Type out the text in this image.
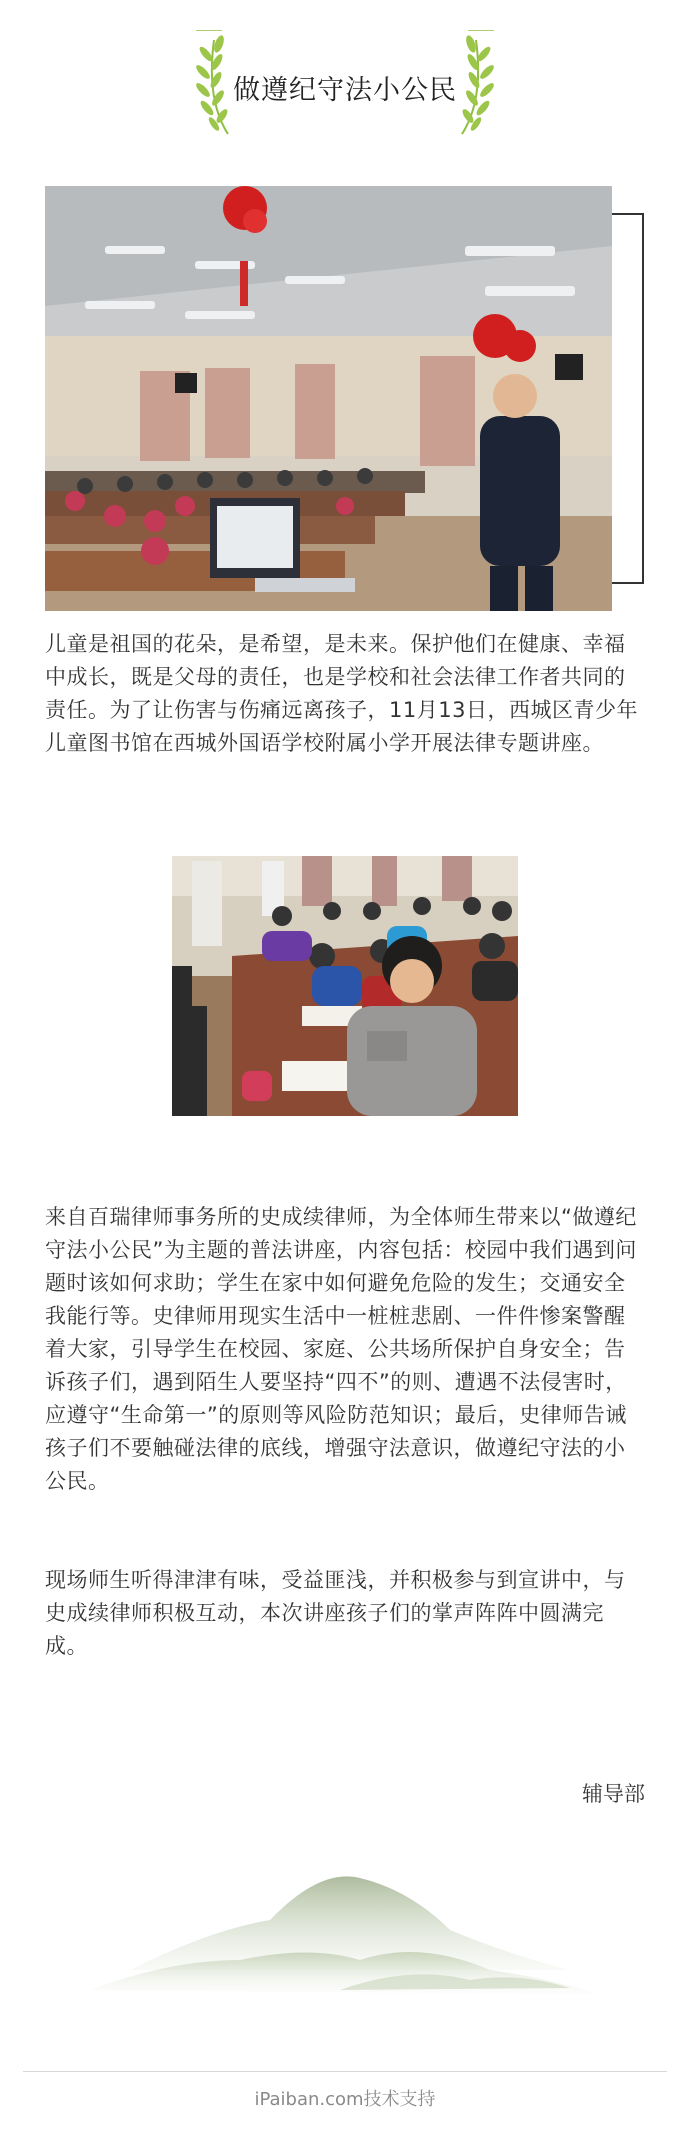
做遵纪守法小公民

儿童是祖国的花朵，是希望，是未来。保护他们在健康、幸福中成长，既是父母的责任，也是学校和社会法律工作者共同的责任。为了让伤害与伤痛远离孩子，11月13日，西城区青少年儿童图书馆在西城外国语学校附属小学开展法律专题讲座。

来自百瑞律师事务所的史成续律师，为全体师生带来以“做遵纪守法小公民”为主题的普法讲座，内容包括：校园中我们遇到问题时该如何求助；学生在家中如何避免危险的发生；交通安全我能行等。史律师用现实生活中一桩桩悲剧、一件件惨案警醒着大家，引导学生在校园、家庭、公共场所保护自身安全；告诉孩子们，遇到陌生人要坚持“四不”的则、遭遇不法侵害时，应遵守“生命第一”的原则等风险防范知识；最后，史律师告诫孩子们不要触碰法律的底线，增强守法意识，做遵纪守法的小公民。

现场师生听得津津有味，受益匪浅，并积极参与到宣讲中，与史成续律师积极互动，本次讲座孩子们的掌声阵阵中圆满完成。

辅导部
iPaiban.com技术支持
